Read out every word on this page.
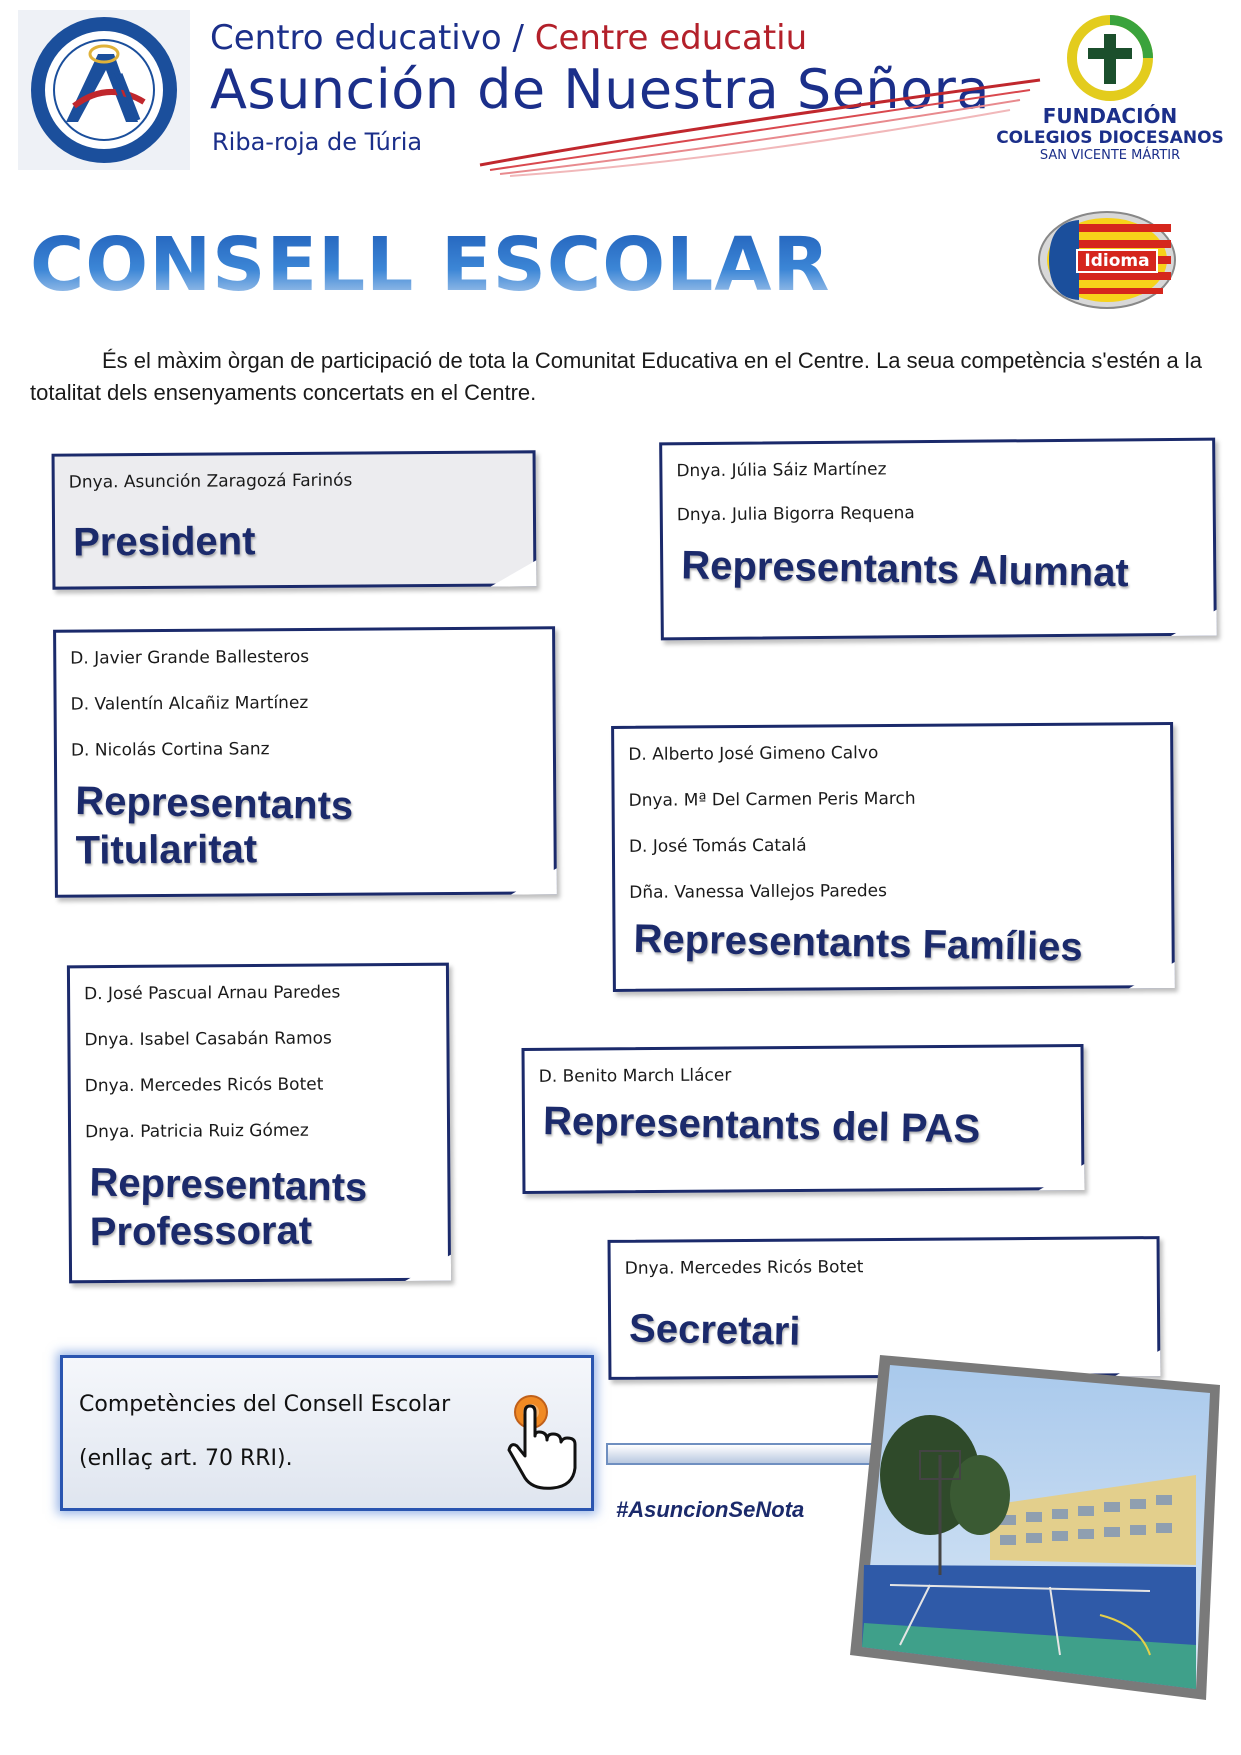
Centro educativo / Centre educatiu
Asunción de Nuestra Señora
Riba-roja de Túria
FUNDACIÓN
COLEGIOS DIOCESANOS
SAN VICENTE MÁRTIR
Idioma
CONSELL ESCOLAR
És el màxim òrgan de participació de tota la Comunitat Educativa en el Centre. La seua competència s'estén a la totalitat dels ensenyaments concertats en el Centre.
Dnya. Asunción Zaragozá Farinós
President
Dnya. Júlia Sáiz Martínez
Dnya. Julia Bigorra Requena
Representants Alumnat
D. Javier Grande Ballesteros
D. Valentín Alcañiz Martínez
D. Nicolás Cortina Sanz
Representants
Titularitat
D. Alberto José Gimeno Calvo
Dnya. Mª Del Carmen Peris March
D. José Tomás Catalá
Dña. Vanessa Vallejos Paredes
Representants Famílies
D. José Pascual Arnau Paredes
Dnya. Isabel Casabán Ramos
Dnya. Mercedes Ricós Botet
Dnya. Patricia Ruiz Gómez
Representants
Professorat
D. Benito March Llácer
Representants del PAS
Dnya. Mercedes Ricós Botet
Secretari
Competències del Consell Escolar
(enllaç art. 70 RRI).
#AsuncionSeNota
